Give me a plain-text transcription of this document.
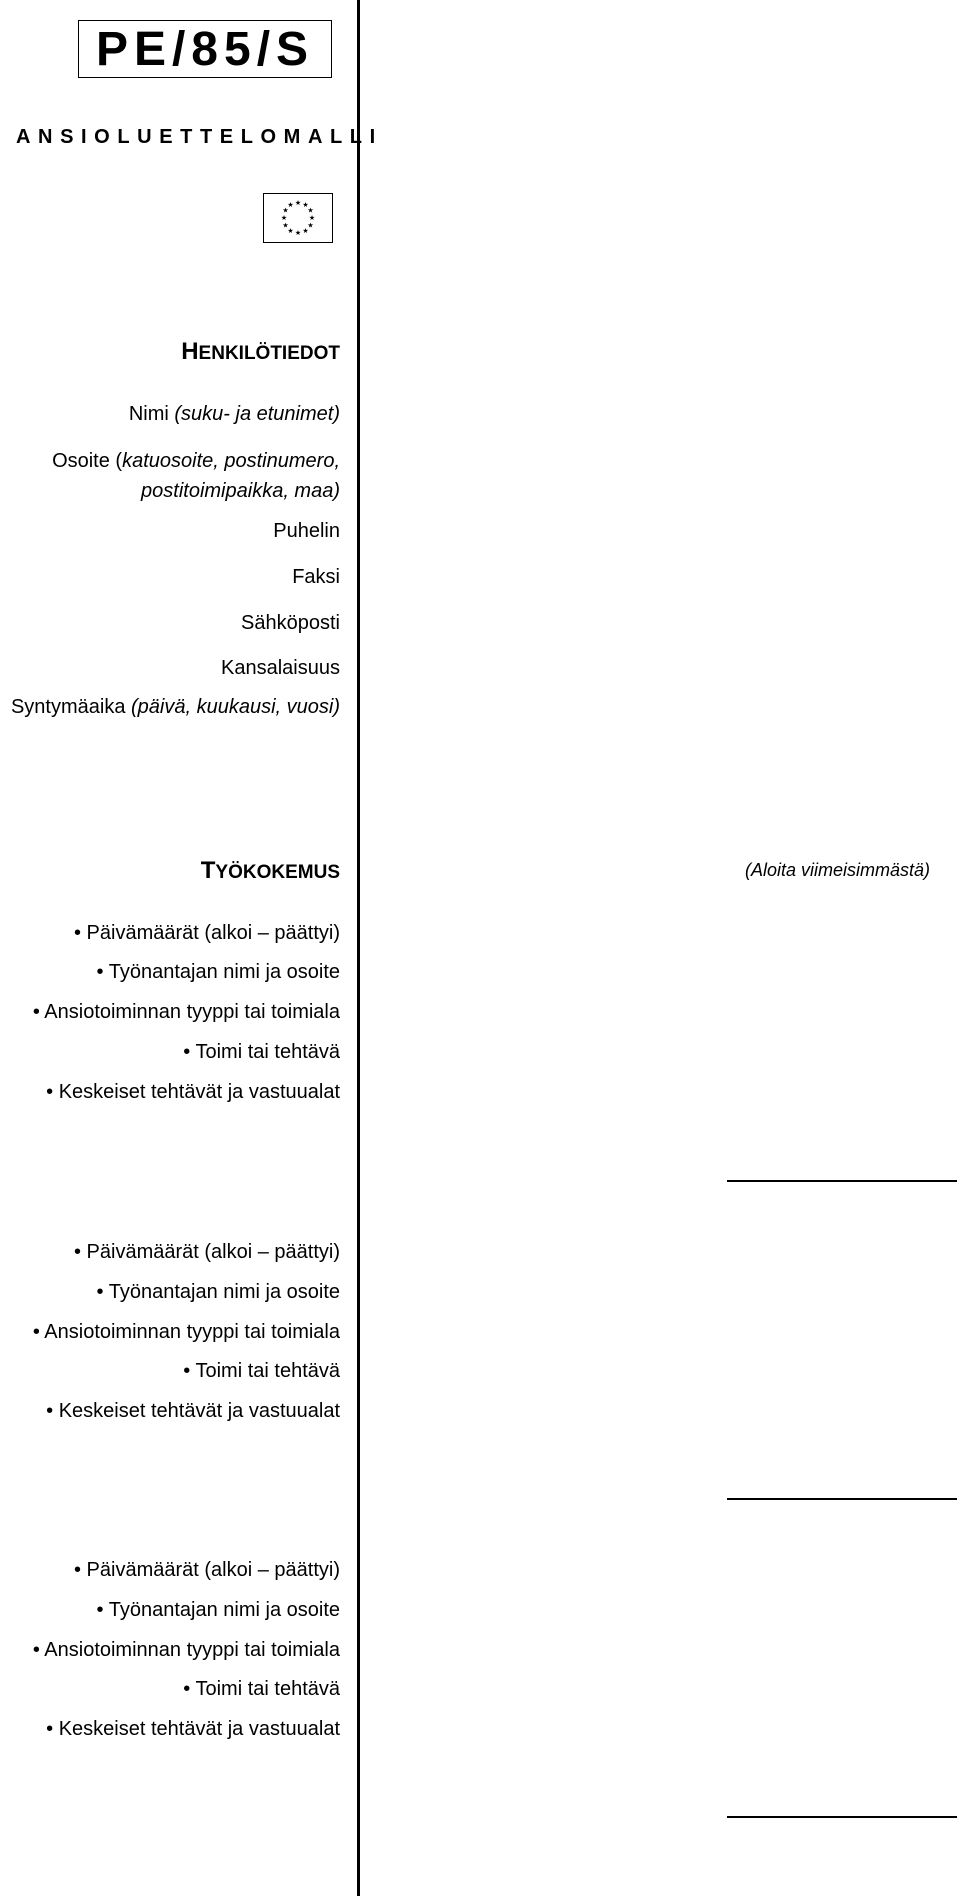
PE/85/S
ANSIOLUETTELOMALLI
★ ★
★
★
★
★
★
★
★
★
★
★
HENKILÖTIEDOT
Nimi (suku- ja etunimet)
Osoite (katuosoite, postinumero,
postitoimipaikka, maa)
Puhelin
Faksi
Sähköposti
Kansalaisuus
Syntymäaika (päivä, kuukausi, vuosi)
TYÖKOKEMUS	(Aloita viimeisimmästä)
• Päivämäärät (alkoi – päättyi)
• Työnantajan nimi ja osoite
• Ansiotoiminnan tyyppi tai toimiala
• Toimi tai tehtävä
• Keskeiset tehtävät ja vastuualat
• Päivämäärät (alkoi – päättyi)
• Työnantajan nimi ja osoite
• Ansiotoiminnan tyyppi tai toimiala
• Toimi tai tehtävä
• Keskeiset tehtävät ja vastuualat
• Päivämäärät (alkoi – päättyi)
• Työnantajan nimi ja osoite
• Ansiotoiminnan tyyppi tai toimiala
• Toimi tai tehtävä
• Keskeiset tehtävät ja vastuualat
